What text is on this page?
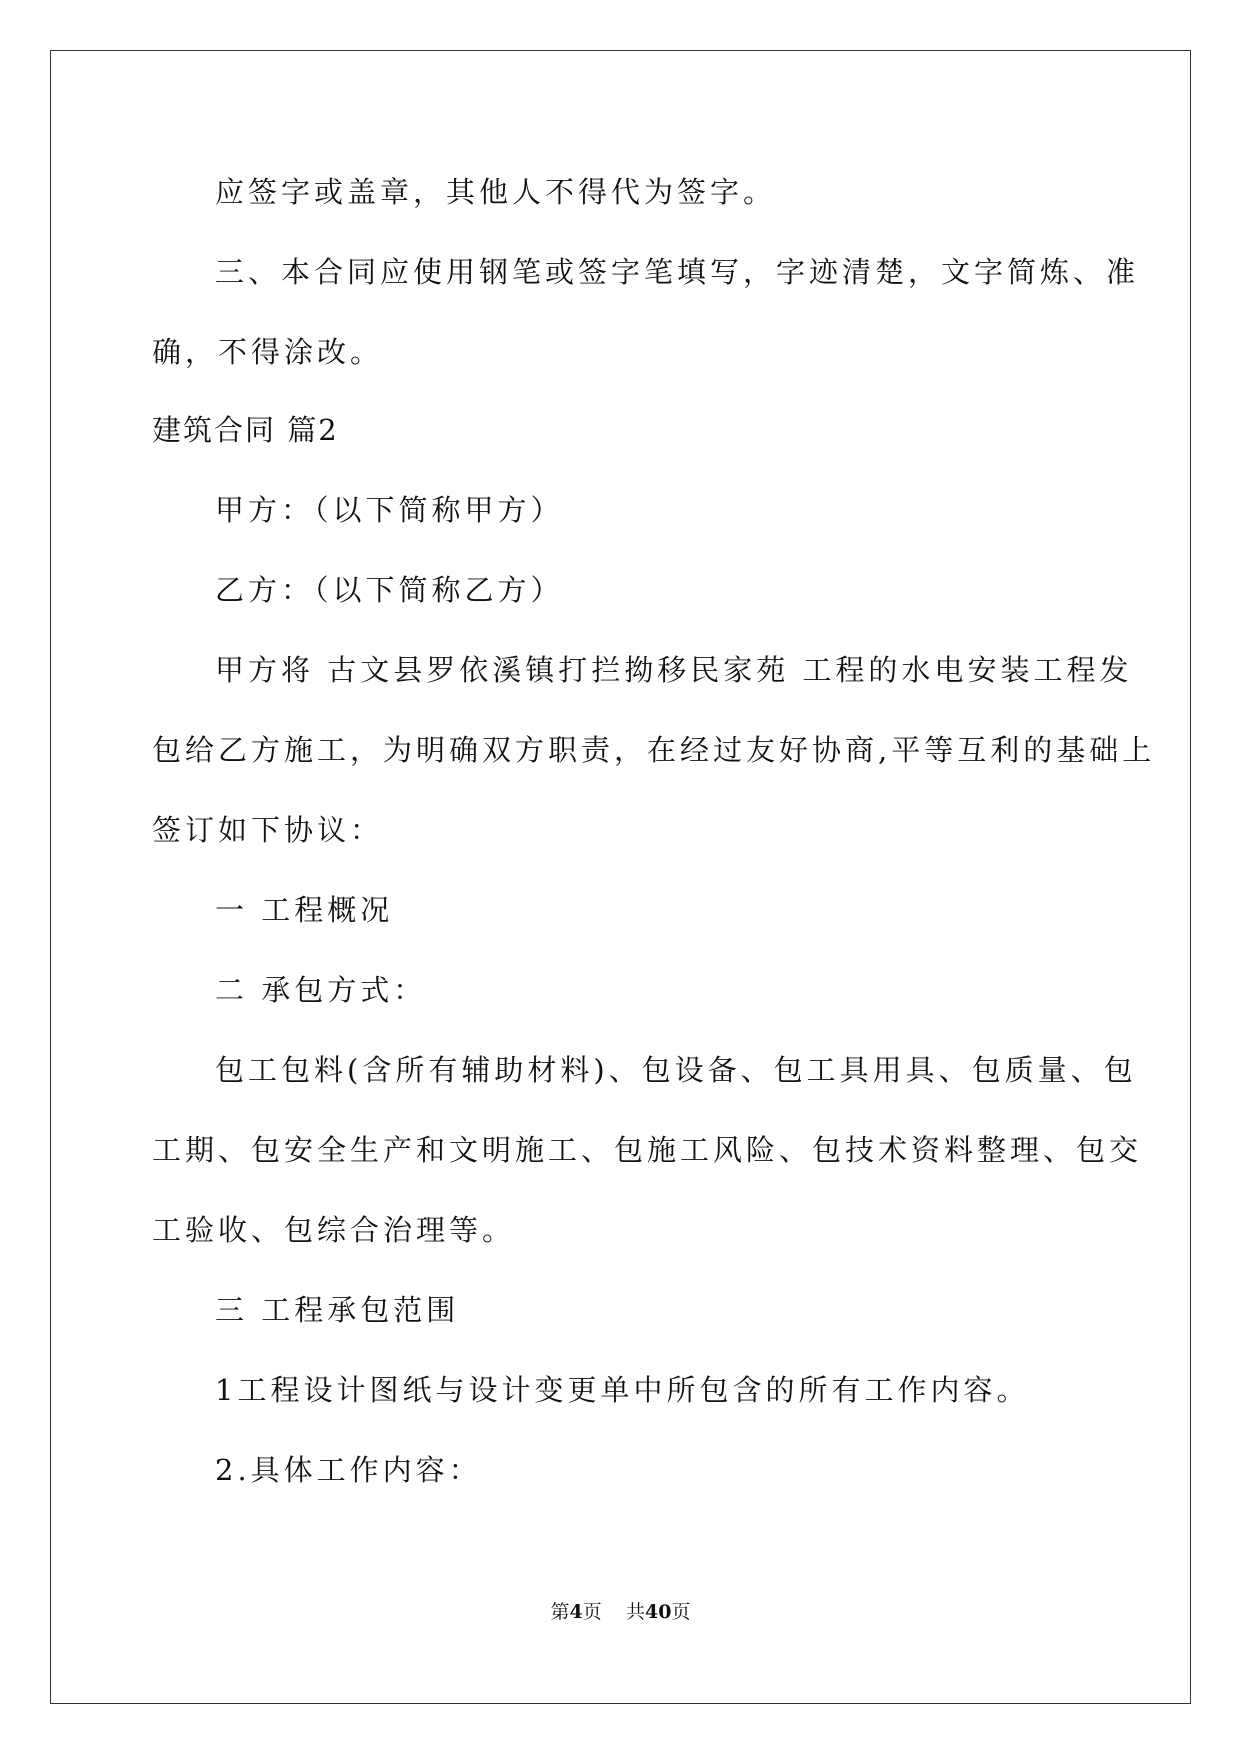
应签字或盖章，其他人不得代为签字。
三、本合同应使用钢笔或签字笔填写，字迹清楚，文字简炼、准
确，不得涂改。
建筑合同 篇2
甲方：（以下简称甲方）
乙方：（以下简称乙方）
甲方将 古文县罗依溪镇打拦拗移民家苑 工程的水电安装工程发
包给乙方施工，为明确双方职责，在经过友好协商,平等互利的基础上
签订如下协议：
一 工程概况
二 承包方式：
包工包料(含所有辅助材料)、包设备、包工具用具、包质量、包
工期、包安全生产和文明施工、包施工风险、包技术资料整理、包交
工验收、包综合治理等。
三 工程承包范围
1工程设计图纸与设计变更单中所包含的所有工作内容。
2.具体工作内容：
第4页 共40页
